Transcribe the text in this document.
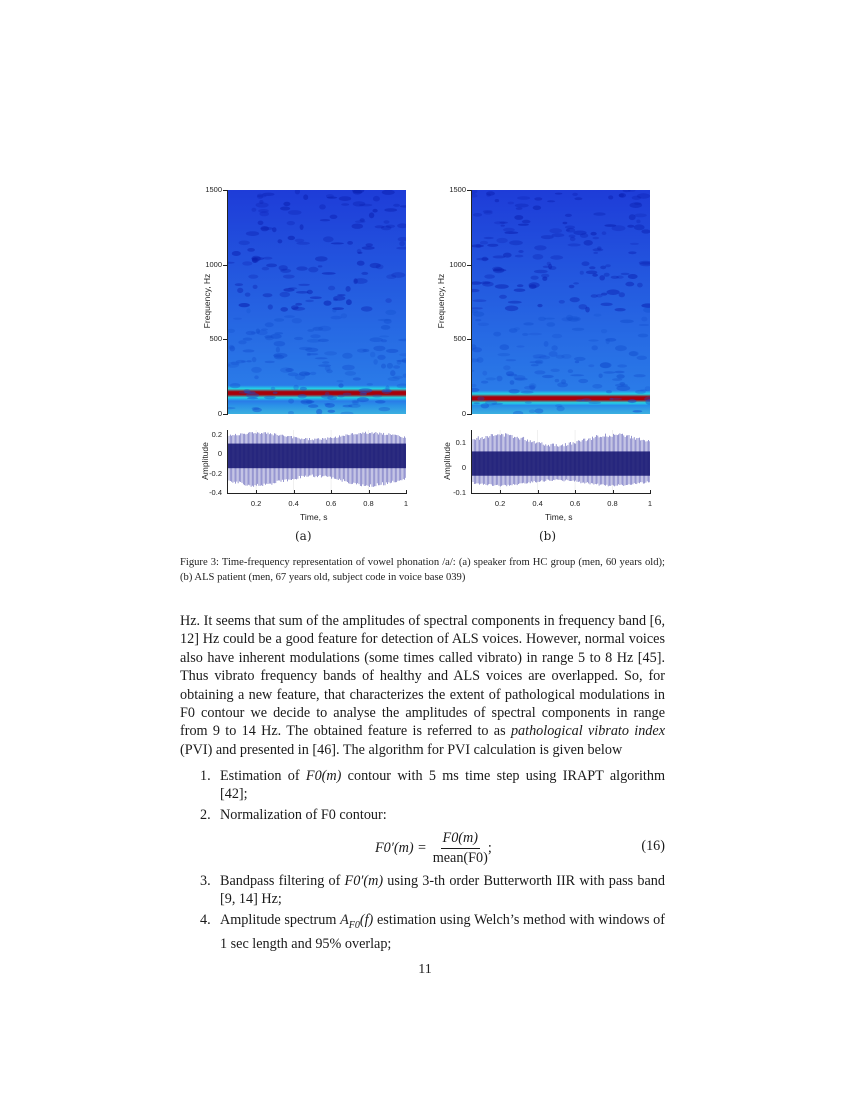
0
500
1000
1500
Frequency, Hz
0.2
0
-0.2
-0.4
0.2	0.4	0.6	0.8	1
Amplitude
Time, s
(a)
0
500
1000
1500
Frequency, Hz
0.1
0
-0.1
0.2	0.4	0.6	0.8	1
Amplitude
Time, s
(b)
Figure 3: Time-frequency representation of vowel phonation /a/: (a) speaker from HC group (men, 60 years old); (b) ALS patient (men, 67 years old, subject code in voice base 039)

Hz. It seems that sum of the amplitudes of spectral components in frequency band [6, 12] Hz could be a good feature for detection of ALS voices. However, normal voices also have inherent modulations (some times called vibrato) in range 5 to 8 Hz [45]. Thus vibrato frequency bands of healthy and ALS voices are overlapped. So, for obtaining a new feature, that characterizes the extent of pathological modulations in F0 contour we decide to analyse the amplitudes of spectral components in range from 9 to 14 Hz. The obtained feature is referred to as pathological vibrato index (PVI) and presented in [46]. The algorithm for PVI calculation is given below

1. Estimation of F0(m) contour with 5 ms time step using IRAPT algorithm [42];
2. Normalization of F0 contour:
$F0'(m) = \frac{F0(m)}{\text{mean(F0)}}$ ;	(16)
3. Bandpass filtering of F0′(m) using 3-th order Butterworth IIR with pass band [9, 14] Hz;
4. Amplitude spectrum $A_{F0}(f)$ estimation using Welch’s method with windows of 1 sec length and 95% overlap;
11
